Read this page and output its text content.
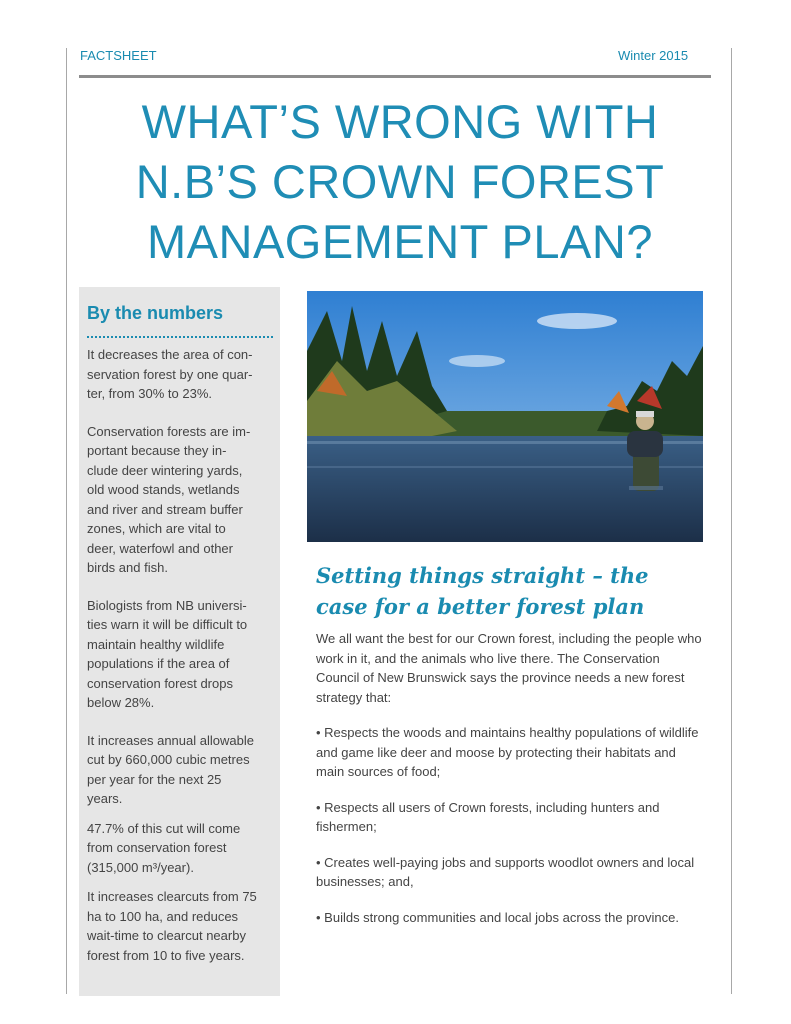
FACTSHEET	Winter 2015
WHAT’S WRONG WITH
N.B’S CROWN FOREST
MANAGEMENT PLAN?
By the numbers

It decreases the area of con-
servation forest by one quar-
ter, from 30% to 23%.

Conservation forests are im-
portant because they in-
clude deer wintering yards,
old wood stands, wetlands
and river and stream buffer
zones, which are vital to
deer, waterfowl and other
birds and fish.

Biologists from NB universi-
ties warn it will be difficult to
maintain healthy wildlife
populations if the area of
conservation forest drops
below 28%.

It increases annual allowable
cut by 660,000 cubic metres
per year for the next 25
years.

47.7% of this cut will come
from conservation forest
(315,000 m³/year).

It increases clearcuts from 75
ha to 100 ha, and reduces
wait-time to clearcut nearby
forest from 10 to five years.

Setting things straight – the
case for a better forest plan

We all want the best for our Crown forest, including the people who work in it, and the animals who live there. The Conservation Council of New Brunswick says the province needs a new forest strategy that:

• Respects the woods and maintains healthy populations of wildlife and game like deer and moose by protecting their habitats and main sources of food;

• Respects all users of Crown forests, including hunters and fishermen;

• Creates well-paying jobs and supports woodlot owners and local businesses; and,

• Builds strong communities and local jobs across the province.
